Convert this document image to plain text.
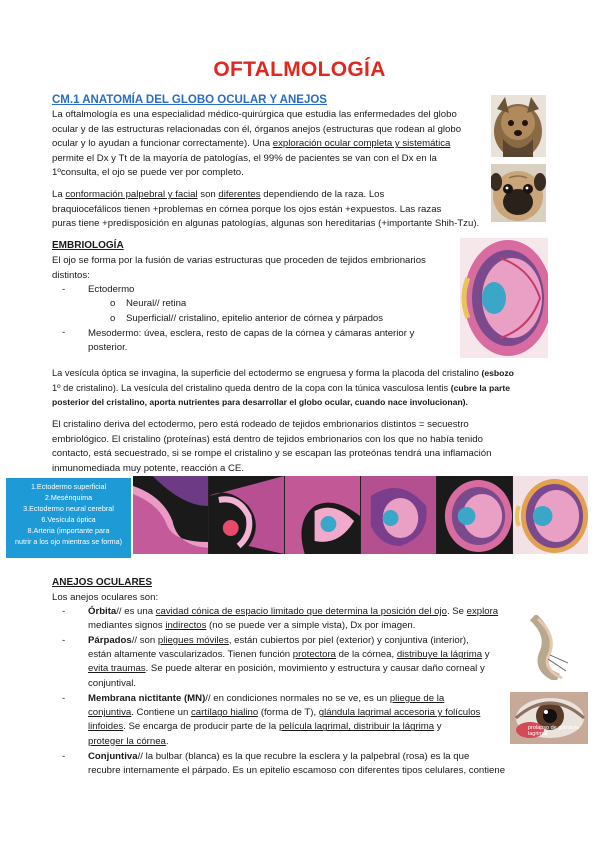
OFTALMOLOGÍA
CM.1 ANATOMÍA DEL GLOBO OCULAR Y ANEJOS
La oftalmología es una especialidad médico-quirúrgica que estudia las enfermedades del globo
ocular y de las estructuras relacionadas con él, órganos anejos (estructuras que rodean al globo
ocular y lo ayudan a funcionar correctamente). Una exploración ocular completa y sistemática
permite el Dx y Tt de la mayoría de patologías, el 99% de pacientes se van con el Dx en la
1ºconsulta, el ojo se puede ver por completo.
La conformación palpebral y facial son diferentes dependiendo de la raza. Los
braquiocefálicos tienen +problemas en córnea porque los ojos están +expuestos. Las razas
puras tiene +predisposición en algunas patologías, algunas son hereditarias (+importante Shih-Tzu).
EMBRIOLOGÍA
El ojo se forma por la fusión de varias estructuras que proceden de tejidos embrionarios
distintos:
- Ectodermo
o Neural// retina
o Superficial// cristalino, epitelio anterior de córnea y párpados
- Mesodermo: úvea, esclera, resto de capas de la córnea y cámaras anterior y
posterior.
La vesícula óptica se invagina, la superficie del ectodermo se engruesa y forma la placoda del cristalino (esbozo
1º de cristalino). La vesícula del cristalino queda dentro de la copa con la túnica vasculosa lentis (cubre la parte
posterior del cristalino, aporta nutrientes para desarrollar el globo ocular, cuando nace involucionan).
El cristalino deriva del ectodermo, pero está rodeado de tejidos embrionarios distintos = secuestro
embriológico. El cristalino (proteínas) está dentro de tejidos embrionarios con los que no había tenido
contacto, está secuestrado, si se rompe el cristalino y se escapan las proteónas tendrá una inflamación
inmunomediada muy potente, reacción a CE.
1.Ectodermo superficial
2.Mesénquima
3.Ectodermo neural cerebral
6.Vesícula óptica
8.Arteria (importante para
nutrir a los ojo mientras se forma)
ANEJOS OCULARES
Los anejos oculares son:
- Órbita// es una cavidad cónica de espacio limitado que determina la posición del ojo. Se explora
mediantes signos indirectos (no se puede ver a simple vista), Dx por imagen.
- Párpados// son pliegues móviles, están cubiertos por piel (exterior) y conjuntiva (interior),
están altamente vascularizados. Tienen función protectora de la córnea, distribuye la lágrima y
evita traumas. Se puede alterar en posición, movimiento y estructura y causar daño corneal y
conjuntival.
- Membrana nictitante (MN)// en condiciones normales no se ve, es un pliegue de la
conjuntiva. Contiene un cartílago hialino (forma de T), glándula lagrimal accesoria y folículos
linfoides. Se encarga de producir parte de la película lagrimal, distribuir la lágrima y
proteger la córnea.
prolapso de glándula lagrimal
- Conjuntiva// la bulbar (blanca) es la que recubre la esclera y la palpebral (rosa) es la que
recubre internamente el párpado. Es un epitelio escamoso con diferentes tipos celulares, contiene
